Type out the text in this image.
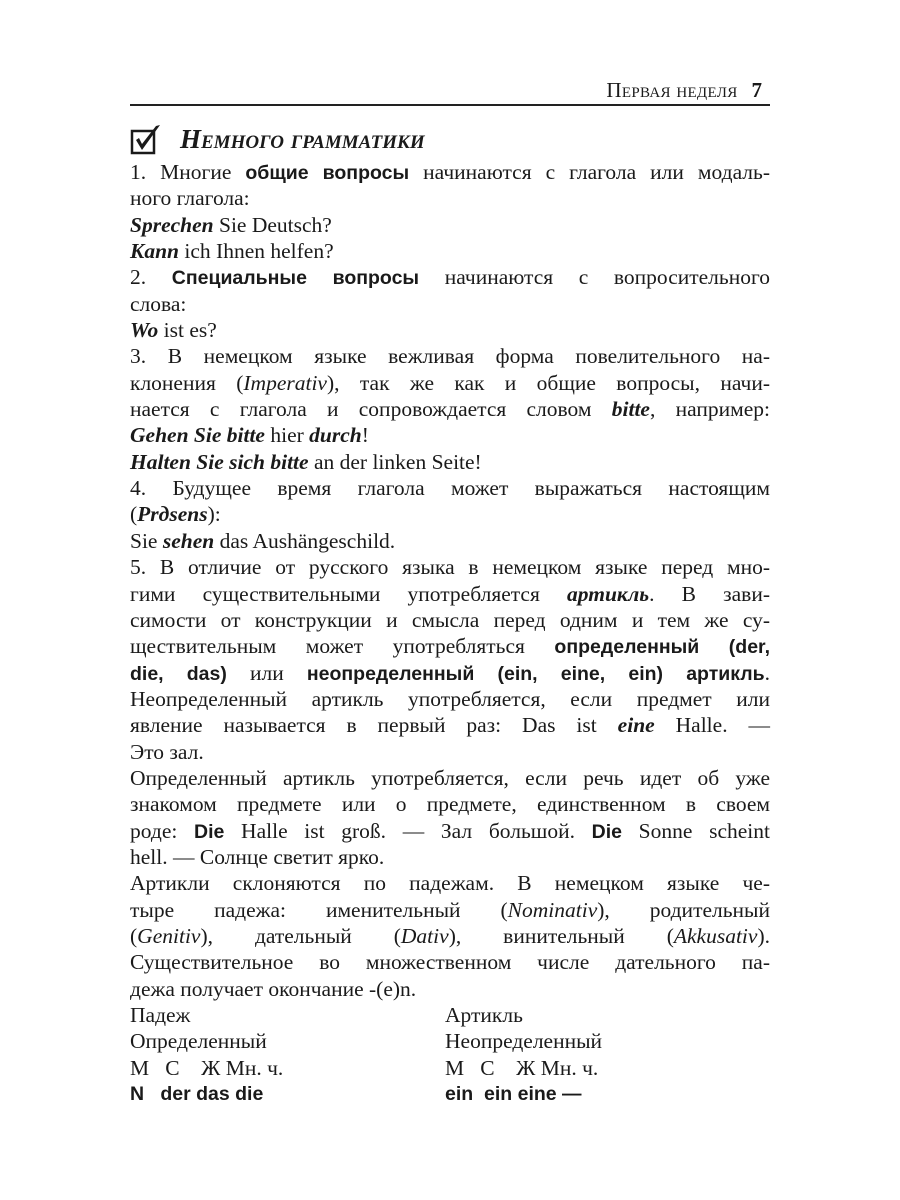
Первая неделя 7
Немного грамматики
1. Многие общие вопросы начинаются с глагола или модаль-
ного глагола:
Sprechen Sie Deutsch?
Kann ich Ihnen helfen?
2. Специальные вопросы начинаются с вопросительного
слова:
Wo ist es?
3. В немецком языке вежливая форма повелительного на-
клонения (Imperativ), так же как и общие вопросы, начи-
нается с глагола и сопровождается словом bitte, например:
Gehen Sie bitte hier durch!
Halten Sie sich bitte an der linken Seite!
4. Будущее время глагола может выражаться настоящим
(Prдsens):
Sie sehen das Aushängeschild.
5. В отличие от русского языка в немецком языке перед мно-
гими существительными употребляется артикль. В зави-
симости от конструкции и смысла перед одним и тем же су-
ществительным может употребляться определенный (der,
die, das) или неопределенный (ein, eine, ein) артикль.
Неопределенный артикль употребляется, если предмет или
явление называется в первый раз: Das ist eine Halle. —
Это зал.
Определенный артикль употребляется, если речь идет об уже
знакомом предмете или о предмете, единственном в своем
роде: Die Halle ist groß. — Зал большой. Die Sonne scheint
hell. — Солнце светит ярко.
Артикли склоняются по падежам. В немецком языке че-
тыре падежа: именительный (Nominativ), родительный
(Genitiv), дательный (Dativ), винительный (Akkusativ).
Существительное во множественном числе дательного па-
дежа получает окончание -(e)n.
Падеж	Артикль
Определенный	Неопределенный
М   С    Ж Мн. ч.	М   С    Ж Мн. ч.
N   der das die	ein  ein eine —
